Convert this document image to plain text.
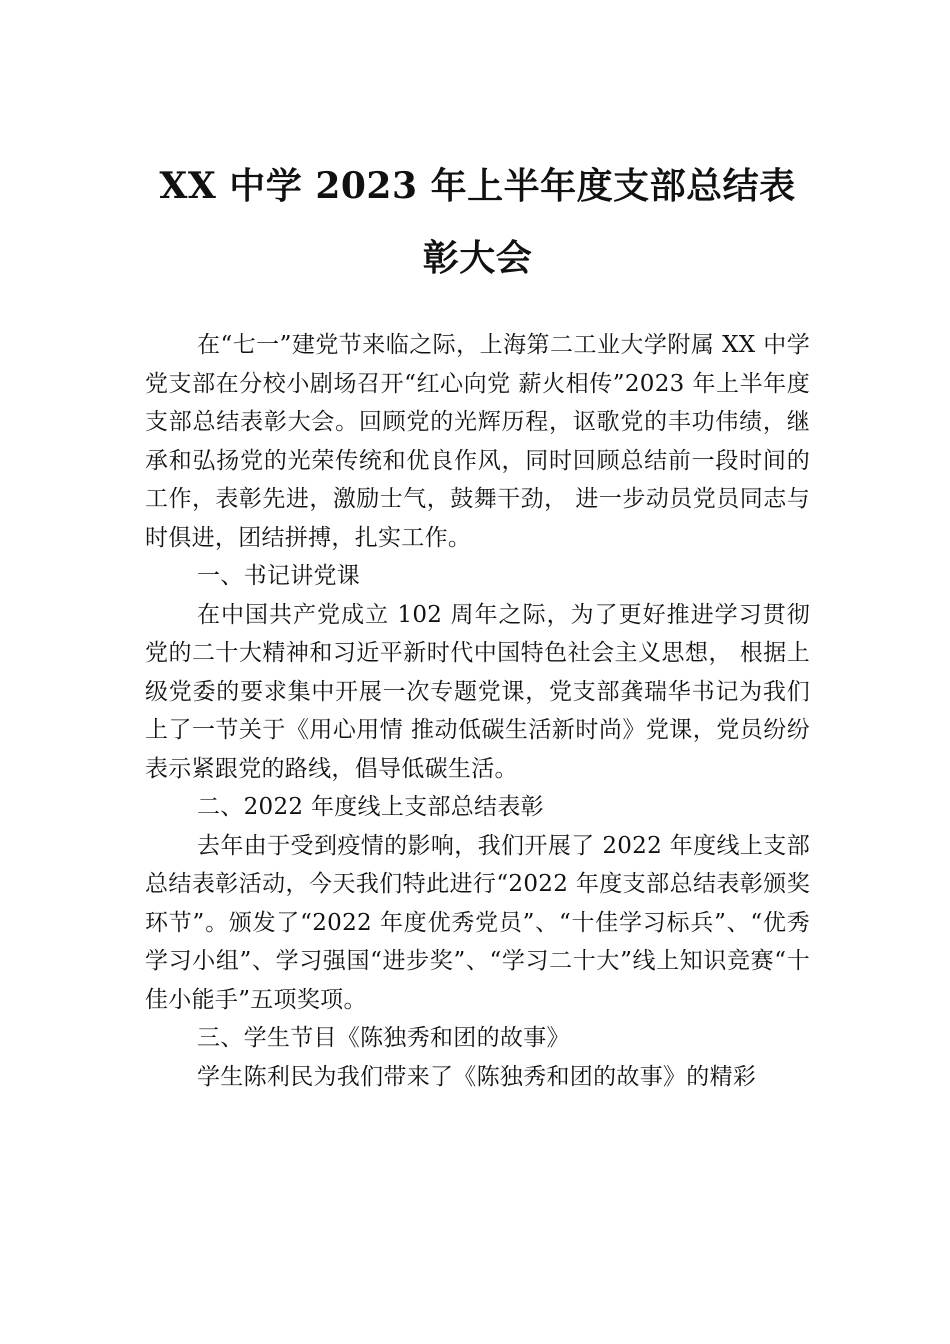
XX 中学 2023 年上半年度支部总结表彰大会

在“七一”建党节来临之际，上海第二工业大学附属 XX 中学党支部在分校小剧场召开“红心向党 薪火相传”2023 年上半年度支部总结表彰大会。回顾党的光辉历程，讴歌党的丰功伟绩，继承和弘扬党的光荣传统和优良作风，同时回顾总结前一段时间的工作，表彰先进，激励士气，鼓舞干劲， 进一步动员党员同志与时俱进，团结拼搏，扎实工作。

一、书记讲党课

在中国共产党成立 102 周年之际，为了更好推进学习贯彻党的二十大精神和习近平新时代中国特色社会主义思想， 根据上级党委的要求集中开展一次专题党课，党支部龚瑞华书记为我们上了一节关于《用心用情 推动低碳生活新时尚》党课，党员纷纷表示紧跟党的路线，倡导低碳生活。

二、2022 年度线上支部总结表彰

去年由于受到疫情的影响，我们开展了 2022 年度线上支部总结表彰活动，今天我们特此进行“2022 年度支部总结表彰颁奖环节”。颁发了“2022 年度优秀党员”、“十佳学习标兵”、“优秀学习小组”、学习强国“进步奖”、“学习二十大”线上知识竞赛“十佳小能手”五项奖项。

三、学生节目《陈独秀和团的故事》

学生陈利民为我们带来了《陈独秀和团的故事》的精彩
